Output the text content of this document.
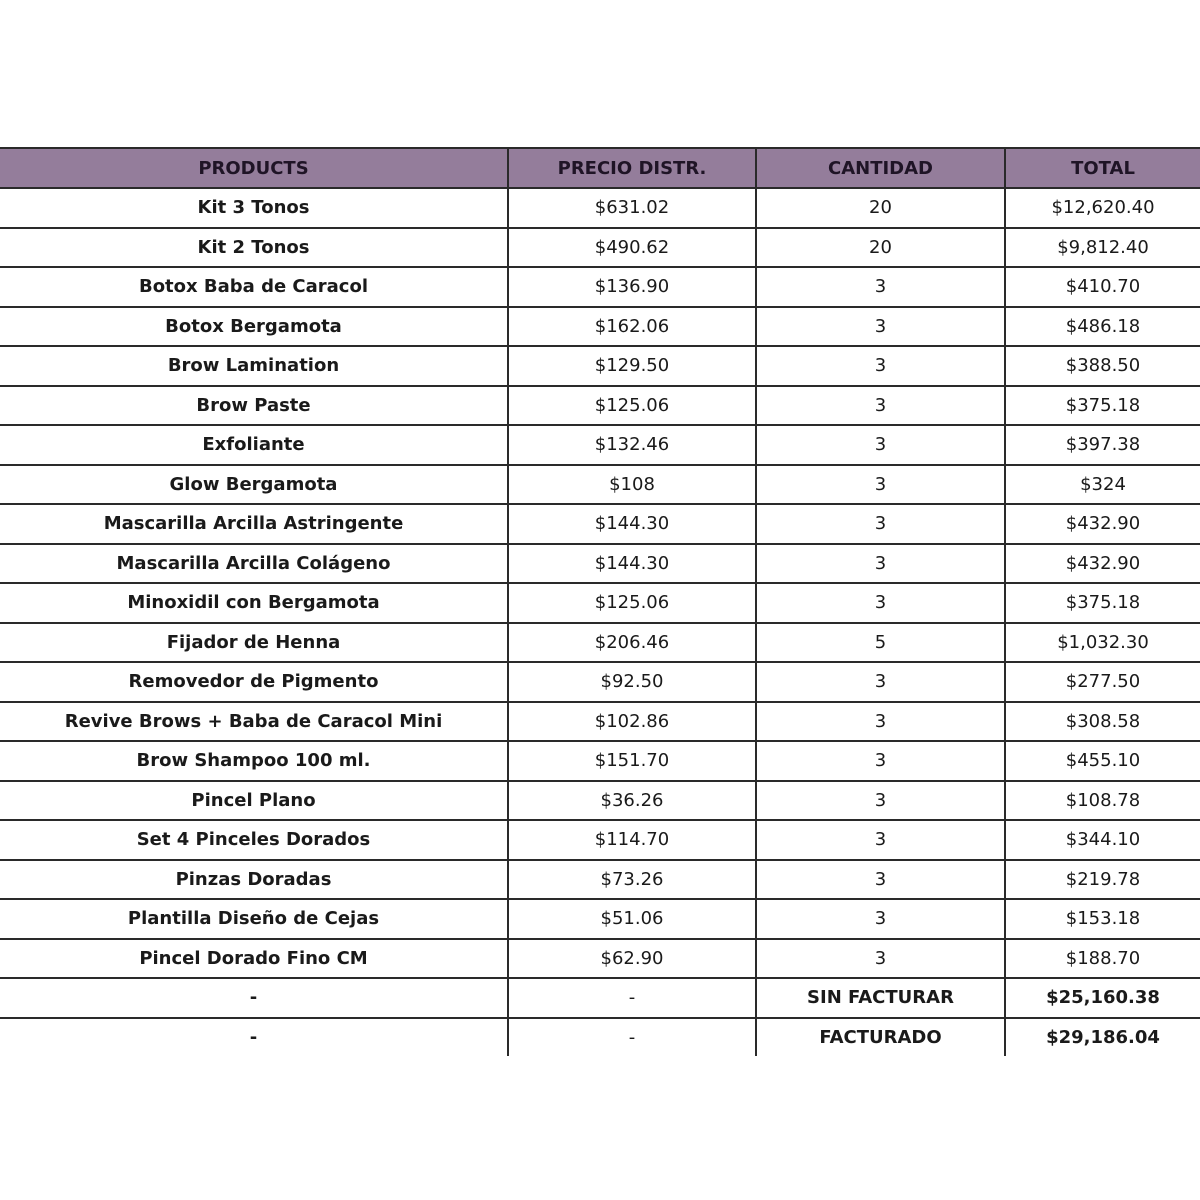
PRODUCTS	PRECIO DISTR.	CANTIDAD	TOTAL
Kit 3 Tonos	$631.02	20	$12,620.40
Kit 2 Tonos	$490.62	20	$9,812.40
Botox Baba de Caracol	$136.90	3	$410.70
Botox Bergamota	$162.06	3	$486.18
Brow Lamination	$129.50	3	$388.50
Brow Paste	$125.06	3	$375.18
Exfoliante	$132.46	3	$397.38
Glow Bergamota	$108	3	$324
Mascarilla Arcilla Astringente	$144.30	3	$432.90
Mascarilla Arcilla Colágeno	$144.30	3	$432.90
Minoxidil con Bergamota	$125.06	3	$375.18
Fijador de Henna	$206.46	5	$1,032.30
Removedor de Pigmento	$92.50	3	$277.50
Revive Brows + Baba de Caracol Mini	$102.86	3	$308.58
Brow Shampoo 100 ml.	$151.70	3	$455.10
Pincel Plano	$36.26	3	$108.78
Set 4 Pinceles Dorados	$114.70	3	$344.10
Pinzas Doradas	$73.26	3	$219.78
Plantilla Diseño de Cejas	$51.06	3	$153.18
Pincel Dorado Fino CM	$62.90	3	$188.70
-	-	SIN FACTURAR	$25,160.38
-	-	FACTURADO	$29,186.04
